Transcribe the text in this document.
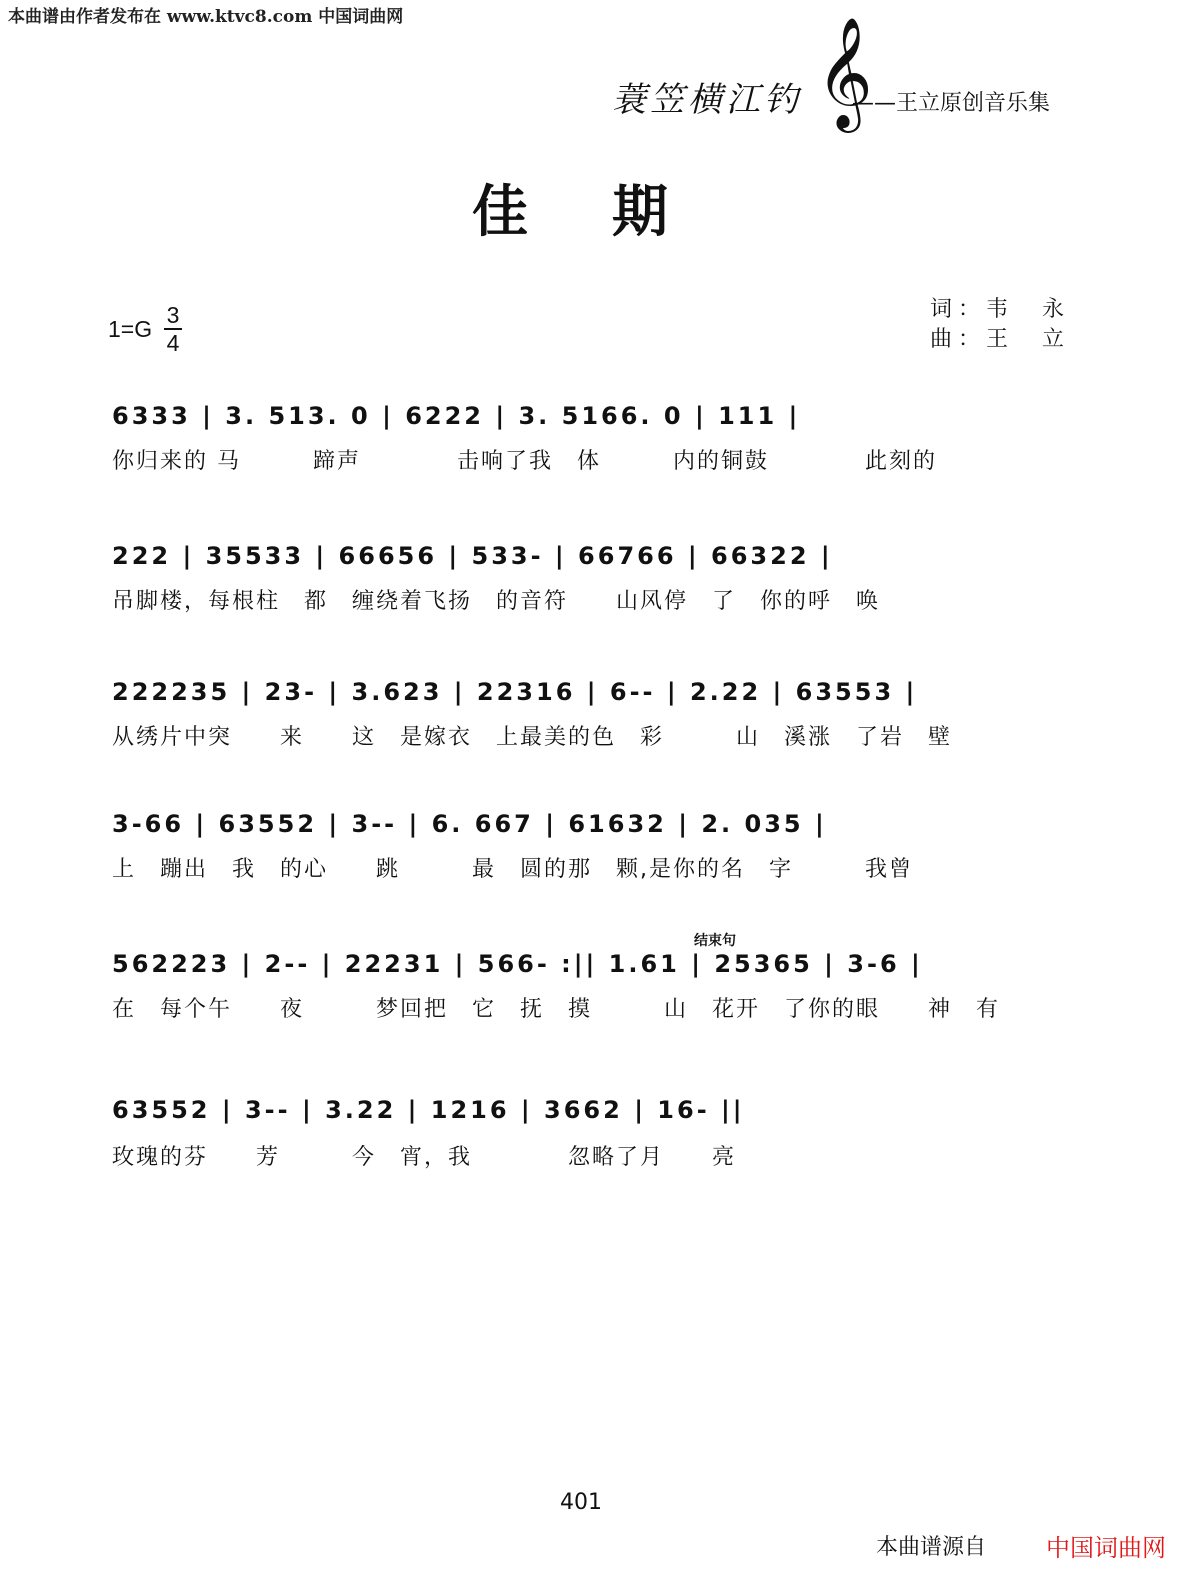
本曲谱由作者发布在 www.ktvc8.com 中国词曲网
蓑笠横江钓 𝄞
——王立原创音乐集
佳期
1=G
3
4
词：韦　永
曲：王　立
6333 | 3. 513. 0 | 6222 | 3. 5166. 0 | 111 |
你归来的 马　　　蹄声　　　　击响了我　体　　　内的铜鼓　　　　此刻的
222 | 35533 | 66656 | 533- | 66766 | 66322 |
吊脚楼，每根柱　都　缠绕着飞扬　的音符　　山风停　了　你的呼　唤
222235 | 23- | 3.623 | 22316 | 6-- | 2.22 | 63553 |
从绣片中突　　来　　这　是嫁衣　上最美的色　彩　　　山　溪涨　了岩　壁
3-66 | 63552 | 3-- | 6. 667 | 61632 | 2. 035 |
上　蹦出　我　的心　　跳　　　最　圆的那　颗,是你的名　字　　　我曾
结束句
562223 | 2-- | 22231 | 566- :|| 1.61 | 25365 | 3-6 |
在　每个午　　夜　　　梦回把　它　抚　摸　　　山　花开　了你的眼　　神　有
63552 | 3-- | 3.22 | 1216 | 3662 | 16- ||
玫瑰的芬　　芳　　　今　宵，我　　　　忽略了月　　亮
401
本曲谱源自 中国词曲网
